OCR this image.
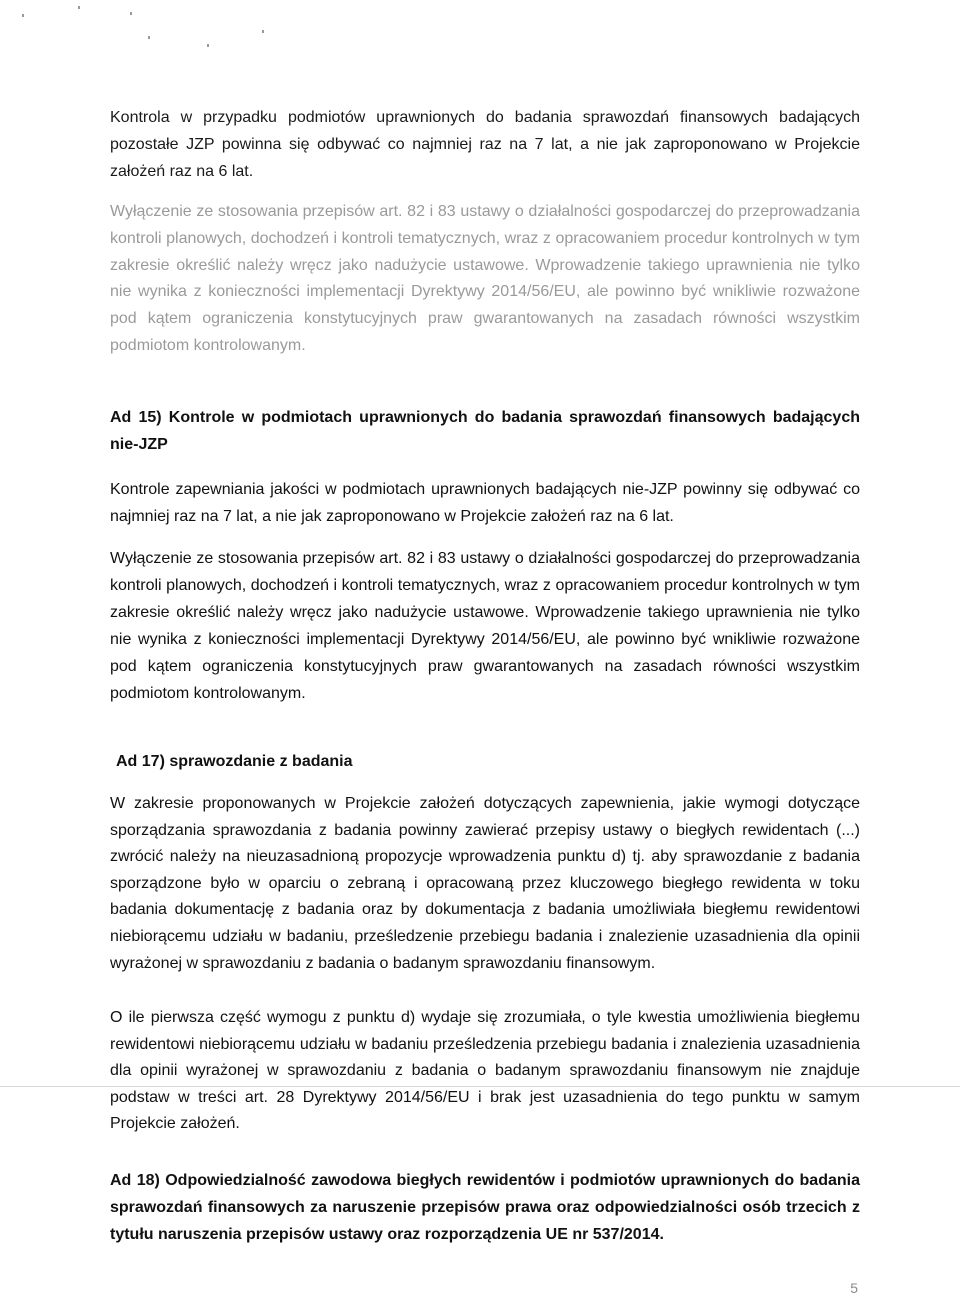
Kontrola w przypadku podmiotów uprawnionych do badania sprawozdań finansowych badających pozostałe JZP powinna się odbywać co najmniej raz na 7 lat, a nie jak zaproponowano w Projekcie założeń raz na 6 lat.

Wyłączenie ze stosowania przepisów art. 82 i 83 ustawy o działalności gospodarczej do przeprowadzania kontroli planowych, dochodzeń i kontroli tematycznych, wraz z opracowaniem procedur kontrolnych w tym zakresie określić należy wręcz jako nadużycie ustawowe. Wprowadzenie takiego uprawnienia nie tylko nie wynika z konieczności implementacji Dyrektywy 2014/56/EU, ale powinno być wnikliwie rozważone pod kątem ograniczenia konstytucyjnych praw gwarantowanych na zasadach równości wszystkim podmiotom kontrolowanym.

Ad 15) Kontrole w podmiotach uprawnionych do badania sprawozdań finansowych badających nie-JZP

Kontrole zapewniania jakości w podmiotach uprawnionych badających nie-JZP powinny się odbywać co najmniej raz na 7 lat, a nie jak zaproponowano w Projekcie założeń raz na 6 lat.

Wyłączenie ze stosowania przepisów art. 82 i 83 ustawy o działalności gospodarczej do przeprowadzania kontroli planowych, dochodzeń i kontroli tematycznych, wraz z opracowaniem procedur kontrolnych w tym zakresie określić należy wręcz jako nadużycie ustawowe. Wprowadzenie takiego uprawnienia nie tylko nie wynika z konieczności implementacji Dyrektywy 2014/56/EU, ale powinno być wnikliwie rozważone pod kątem ograniczenia konstytucyjnych praw gwarantowanych na zasadach równości wszystkim podmiotom kontrolowanym.

Ad 17) sprawozdanie z badania

W zakresie proponowanych w Projekcie założeń dotyczących zapewnienia, jakie wymogi dotyczące sporządzania sprawozdania z badania powinny zawierać przepisy ustawy o biegłych rewidentach (...) zwrócić należy na nieuzasadnioną propozycje wprowadzenia punktu d) tj. aby sprawozdanie z badania sporządzone było w oparciu o zebraną i opracowaną przez kluczowego biegłego rewidenta w toku badania dokumentację z badania oraz by dokumentacja z badania umożliwiała biegłemu rewidentowi niebiorącemu udziału w badaniu, prześledzenie przebiegu badania i znalezienie uzasadnienia dla opinii wyrażonej w sprawozdaniu z badania o badanym sprawozdaniu finansowym.

O ile pierwsza część wymogu z punktu d) wydaje się zrozumiała, o tyle kwestia umożliwienia biegłemu rewidentowi niebiorącemu udziału w badaniu prześledzenia przebiegu badania i znalezienia uzasadnienia dla opinii wyrażonej w sprawozdaniu z badania o badanym sprawozdaniu finansowym nie znajduje podstaw w treści art. 28 Dyrektywy 2014/56/EU i brak jest uzasadnienia do tego punktu w samym Projekcie założeń.

Ad 18) Odpowiedzialność zawodowa biegłych rewidentów i podmiotów uprawnionych do badania sprawozdań finansowych za naruszenie przepisów prawa oraz odpowiedzialności osób trzecich z tytułu naruszenia przepisów ustawy oraz rozporządzenia UE nr 537/2014.

5
